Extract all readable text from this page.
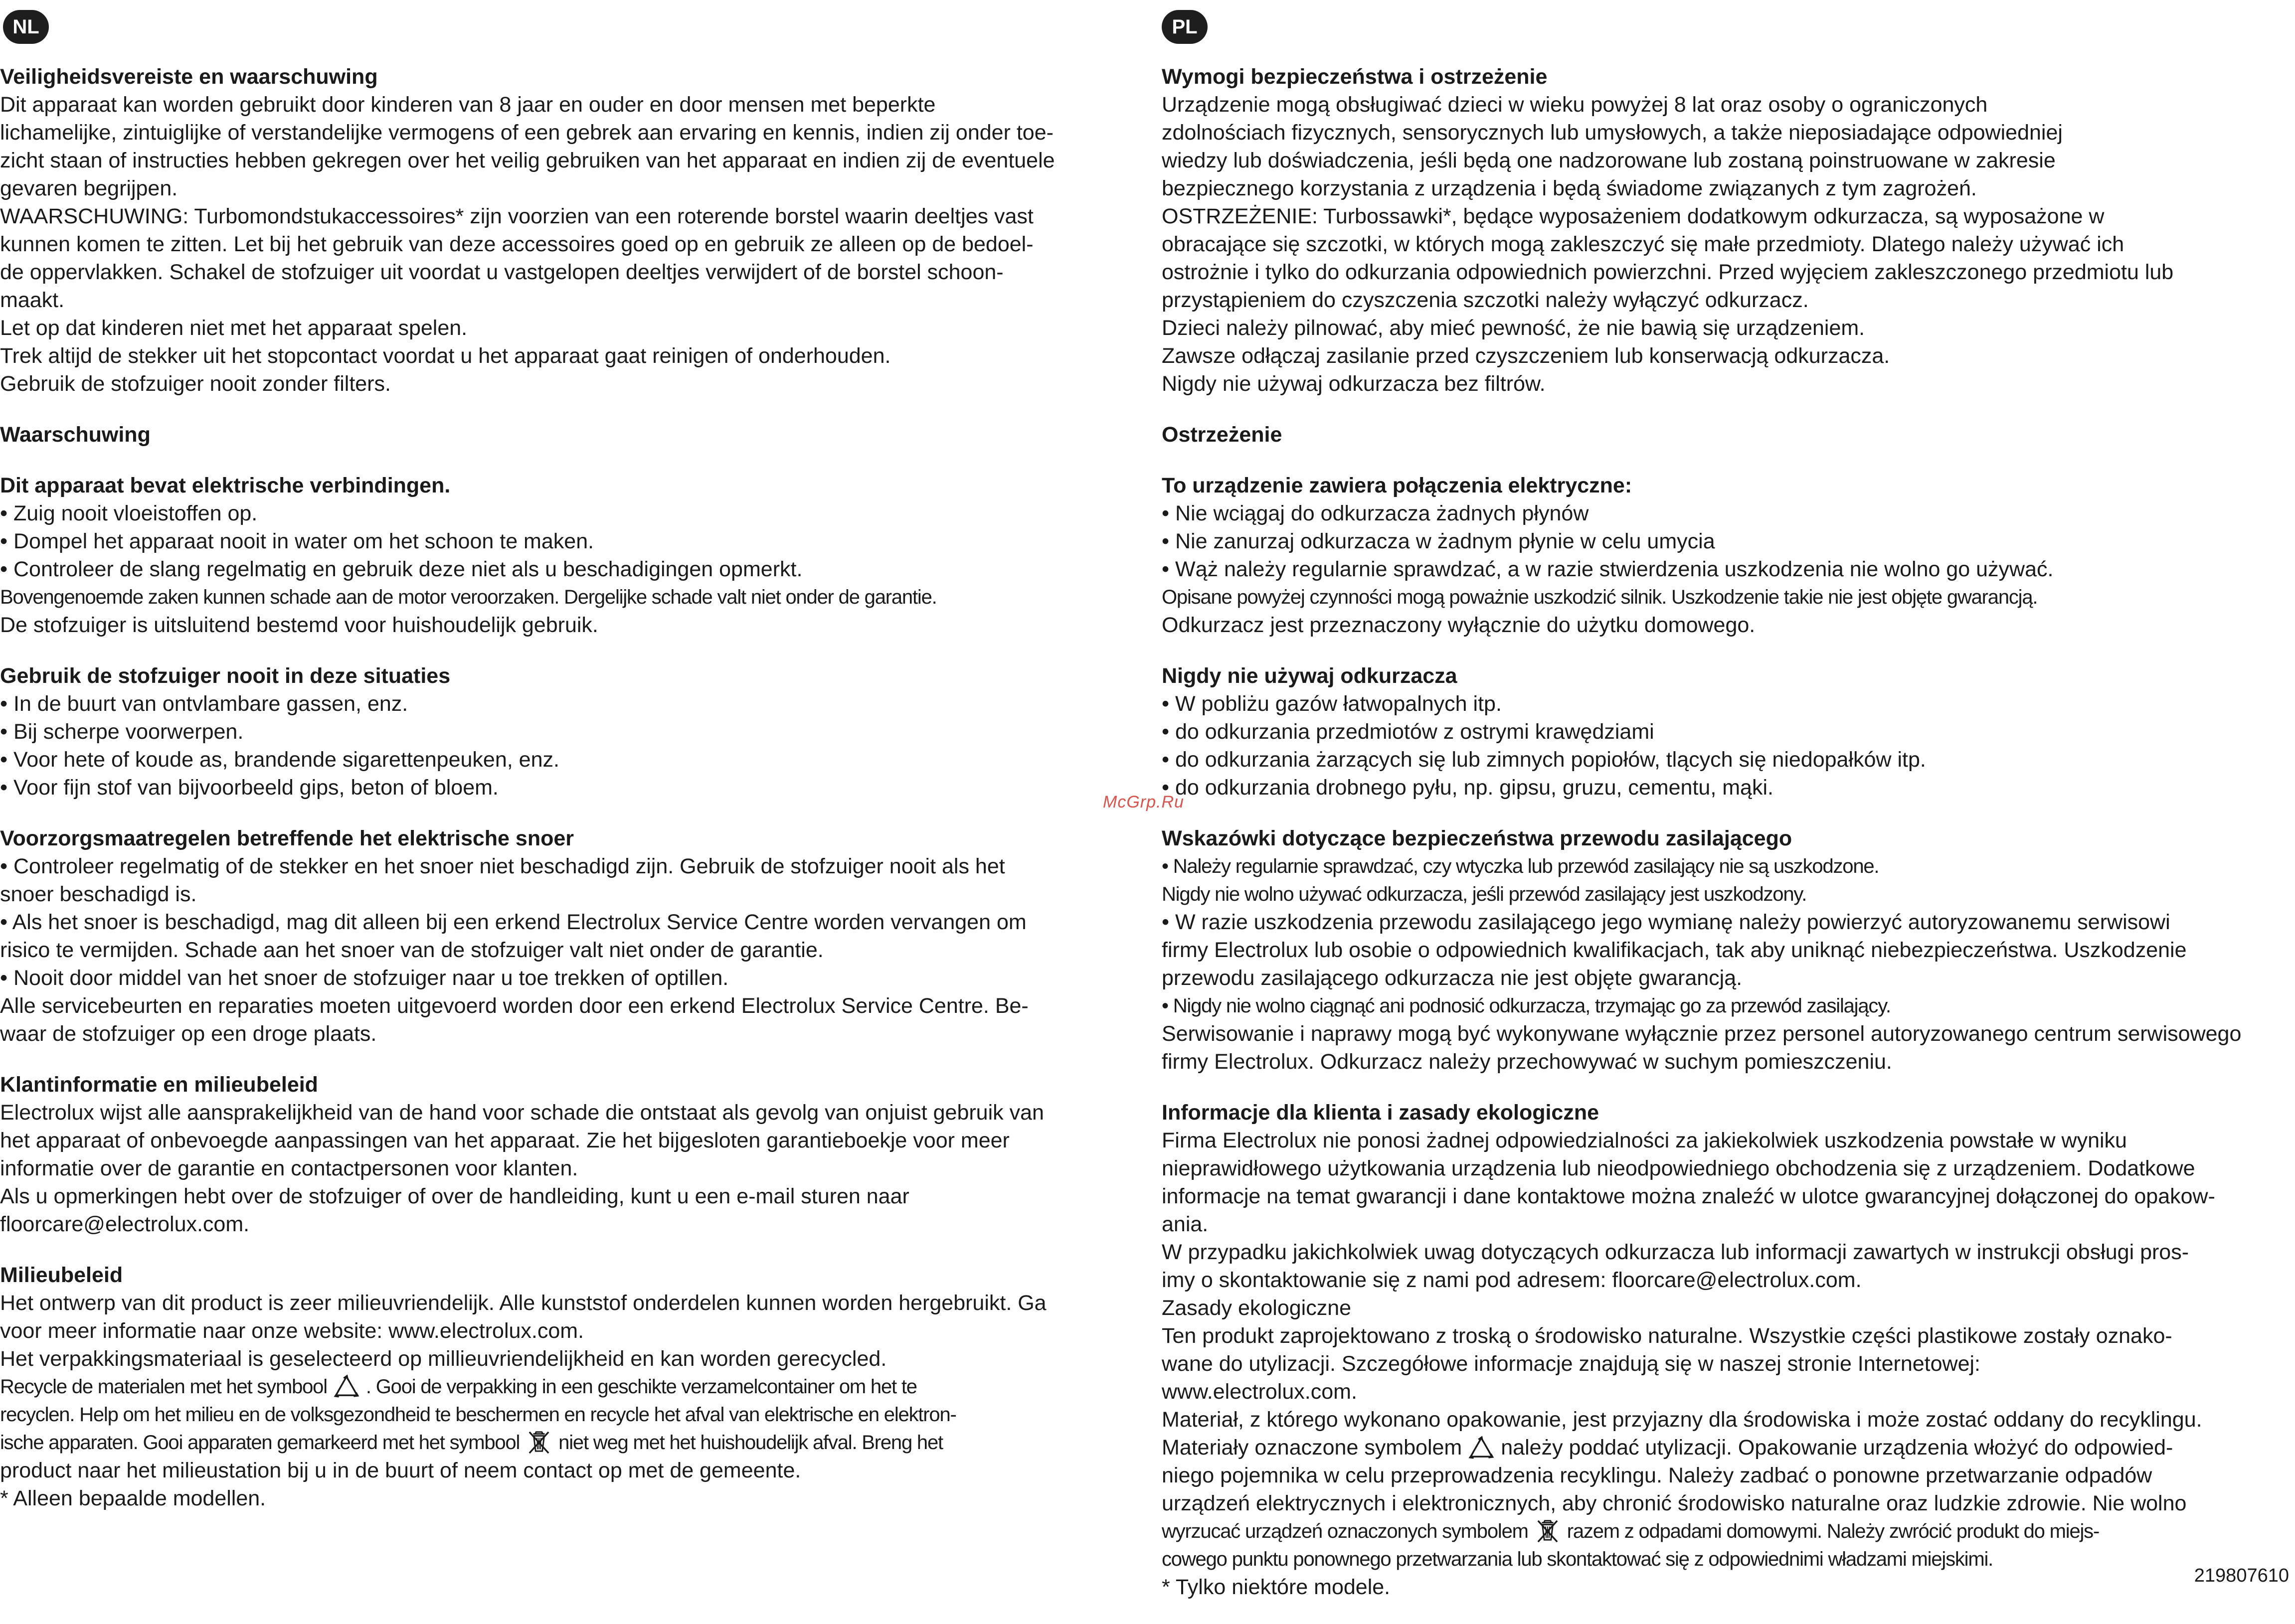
NL

Veiligheidsvereiste en waarschuwing

Dit apparaat kan worden gebruikt door kinderen van 8 jaar en ouder en door mensen met beperkte

lichamelijke, zintuiglijke of verstandelijke vermogens of een gebrek aan ervaring en kennis, indien zij onder toe-

zicht staan of instructies hebben gekregen over het veilig gebruiken van het apparaat en indien zij de eventuele

gevaren begrijpen.

WAARSCHUWING: Turbomondstukaccessoires* zijn voorzien van een roterende borstel waarin deeltjes vast

kunnen komen te zitten. Let bij het gebruik van deze accessoires goed op en gebruik ze alleen op de bedoel-

de oppervlakken. Schakel de stofzuiger uit voordat u vastgelopen deeltjes verwijdert of de borstel schoon-

maakt.

Let op dat kinderen niet met het apparaat spelen.

Trek altijd de stekker uit het stopcontact voordat u het apparaat gaat reinigen of onderhouden.

Gebruik de stofzuiger nooit zonder filters.

Waarschuwing

Dit apparaat bevat elektrische verbindingen.

• Zuig nooit vloeistoffen op.

• Dompel het apparaat nooit in water om het schoon te maken.

• Controleer de slang regelmatig en gebruik deze niet als u beschadigingen opmerkt.

Bovengenoemde zaken kunnen schade aan de motor veroorzaken. Dergelijke schade valt niet onder de garantie.

De stofzuiger is uitsluitend bestemd voor huishoudelijk gebruik.

Gebruik de stofzuiger nooit in deze situaties

• In de buurt van ontvlambare gassen, enz.

• Bij scherpe voorwerpen.

• Voor hete of koude as, brandende sigarettenpeuken, enz.

• Voor fijn stof van bijvoorbeeld gips, beton of bloem.

Voorzorgsmaatregelen betreffende het elektrische snoer

• Controleer regelmatig of de stekker en het snoer niet beschadigd zijn. Gebruik de stofzuiger nooit als het

snoer beschadigd is.

• Als het snoer is beschadigd, mag dit alleen bij een erkend Electrolux Service Centre worden vervangen om

risico te vermijden. Schade aan het snoer van de stofzuiger valt niet onder de garantie.

• Nooit door middel van het snoer de stofzuiger naar u toe trekken of optillen.

Alle servicebeurten en reparaties moeten uitgevoerd worden door een erkend Electrolux Service Centre. Be-

waar de stofzuiger op een droge plaats.

Klantinformatie en milieubeleid

Electrolux wijst alle aansprakelijkheid van de hand voor schade die ontstaat als gevolg van onjuist gebruik van

het apparaat of onbevoegde aanpassingen van het apparaat. Zie het bijgesloten garantieboekje voor meer

informatie over de garantie en contactpersonen voor klanten.

Als u opmerkingen hebt over de stofzuiger of over de handleiding, kunt u een e-mail sturen naar

floorcare@electrolux.com.

Milieubeleid

Het ontwerp van dit product is zeer milieuvriendelijk. Alle kunststof onderdelen kunnen worden hergebruikt. Ga

voor meer informatie naar onze website: www.electrolux.com.

Het verpakkingsmateriaal is geselecteerd op millieuvriendelijkheid en kan worden gerecycled.

Recycle de materialen met het symbool . Gooi de verpakking in een geschikte verzamelcontainer om het te

recyclen. Help om het milieu en de volksgezondheid te beschermen en recycle het afval van elektrische en elektron-

ische apparaten. Gooi apparaten gemarkeerd met het symbool niet weg met het huishoudelijk afval. Breng het

product naar het milieustation bij u in de buurt of neem contact op met de gemeente.

* Alleen bepaalde modellen.

PL

Wymogi bezpieczeństwa i ostrzeżenie

Urządzenie mogą obsługiwać dzieci w wieku powyżej 8 lat oraz osoby o ograniczonych

zdolnościach fizycznych, sensorycznych lub umysłowych, a także nieposiadające odpowiedniej

wiedzy lub doświadczenia, jeśli będą one nadzorowane lub zostaną poinstruowane w zakresie

bezpiecznego korzystania z urządzenia i będą świadome związanych z tym zagrożeń.

OSTRZEŻENIE: Turbossawki*, będące wyposażeniem dodatkowym odkurzacza, są wyposażone w

obracające się szczotki, w których mogą zakleszczyć się małe przedmioty. Dlatego należy używać ich

ostrożnie i tylko do odkurzania odpowiednich powierzchni. Przed wyjęciem zakleszczonego przedmiotu lub

przystąpieniem do czyszczenia szczotki należy wyłączyć odkurzacz.

Dzieci należy pilnować, aby mieć pewność, że nie bawią się urządzeniem.

Zawsze odłączaj zasilanie przed czyszczeniem lub konserwacją odkurzacza.

Nigdy nie używaj odkurzacza bez filtrów.

Ostrzeżenie

To urządzenie zawiera połączenia elektryczne:

• Nie wciągaj do odkurzacza żadnych płynów

• Nie zanurzaj odkurzacza w żadnym płynie w celu umycia

• Wąż należy regularnie sprawdzać, a w razie stwierdzenia uszkodzenia nie wolno go używać.

Opisane powyżej czynności mogą poważnie uszkodzić silnik. Uszkodzenie takie nie jest objęte gwarancją.

Odkurzacz jest przeznaczony wyłącznie do użytku domowego.

Nigdy nie używaj odkurzacza

• W pobliżu gazów łatwopalnych itp.

• do odkurzania przedmiotów z ostrymi krawędziami

• do odkurzania żarzących się lub zimnych popiołów, tlących się niedopałków itp.

• do odkurzania drobnego pyłu, np. gipsu, gruzu, cementu, mąki.

Wskazówki dotyczące bezpieczeństwa przewodu zasilającego

• Należy regularnie sprawdzać, czy wtyczka lub przewód zasilający nie są uszkodzone.

Nigdy nie wolno używać odkurzacza, jeśli przewód zasilający jest uszkodzony.

• W razie uszkodzenia przewodu zasilającego jego wymianę należy powierzyć autoryzowanemu serwisowi

firmy Electrolux lub osobie o odpowiednich kwalifikacjach, tak aby uniknąć niebezpieczeństwa. Uszkodzenie

przewodu zasilającego odkurzacza nie jest objęte gwarancją.

• Nigdy nie wolno ciągnąć ani podnosić odkurzacza, trzymając go za przewód zasilający.

Serwisowanie i naprawy mogą być wykonywane wyłącznie przez personel autoryzowanego centrum serwisowego

firmy Electrolux. Odkurzacz należy przechowywać w suchym pomieszczeniu.

Informacje dla klienta i zasady ekologiczne

Firma Electrolux nie ponosi żadnej odpowiedzialności za jakiekolwiek uszkodzenia powstałe w wyniku

nieprawidłowego użytkowania urządzenia lub nieodpowiedniego obchodzenia się z urządzeniem. Dodatkowe

informacje na temat gwarancji i dane kontaktowe można znaleźć w ulotce gwarancyjnej dołączonej do opakow-

ania.

W przypadku jakichkolwiek uwag dotyczących odkurzacza lub informacji zawartych w instrukcji obsługi pros-

imy o skontaktowanie się z nami pod adresem: floorcare@electrolux.com.

Zasady ekologiczne

Ten produkt zaprojektowano z troską o środowisko naturalne. Wszystkie części plastikowe zostały oznako-

wane do utylizacji. Szczegółowe informacje znajdują się w naszej stronie Internetowej:

www.electrolux.com.

Materiał, z którego wykonano opakowanie, jest przyjazny dla środowiska i może zostać oddany do recyklingu.

Materiały oznaczone symbolem należy poddać utylizacji. Opakowanie urządzenia włożyć do odpowied-

niego pojemnika w celu przeprowadzenia recyklingu. Należy zadbać o ponowne przetwarzanie odpadów

urządzeń elektrycznych i elektronicznych, aby chronić środowisko naturalne oraz ludzkie zdrowie. Nie wolno

wyrzucać urządzeń oznaczonych symbolem razem z odpadami domowymi. Należy zwrócić produkt do miejs-

cowego punktu ponownego przetwarzania lub skontaktować się z odpowiednimi władzami miejskimi.

* Tylko niektóre modele.

McGrp.Ru
219807610
